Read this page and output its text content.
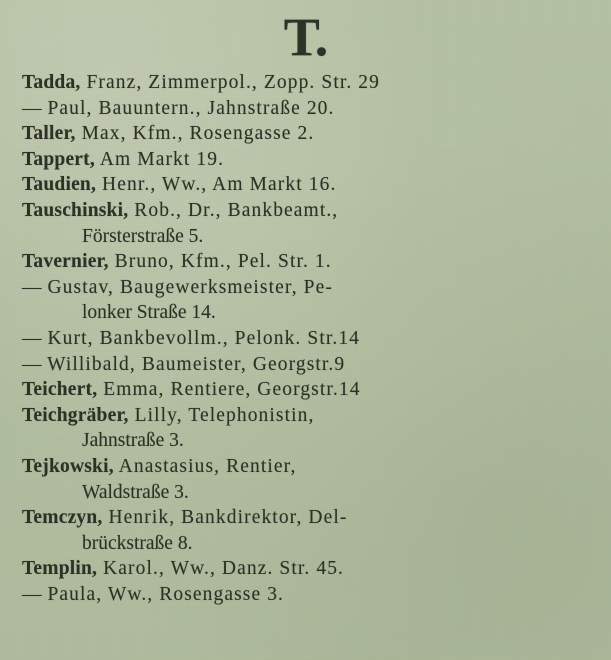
T.
Tadda, Franz, Zimmerpol., Zopp. Str. 29
— Paul, Bauuntern., Jahnstraße 20.
Taller, Max, Kfm., Rosengasse 2.
Tappert, Am Markt 19.
Taudien, Henr., Ww., Am Markt 16.
Tauschinski, Rob., Dr., Bankbeamt.,
Försterstraße 5.
Tavernier, Bruno, Kfm., Pel. Str. 1.
— Gustav, Baugewerksmeister, Pe-
lonker Straße 14.
— Kurt, Bankbevollm., Pelonk. Str.14
— Willibald, Baumeister, Georgstr.9
Teichert, Emma, Rentiere, Georgstr.14
Teichgräber, Lilly, Telephonistin,
Jahnstraße 3.
Tejkowski, Anastasius, Rentier,
Waldstraße 3.
Temczyn, Henrik, Bankdirektor, Del-
brückstraße 8.
Templin, Karol., Ww., Danz. Str. 45.
— Paula, Ww., Rosengasse 3.
